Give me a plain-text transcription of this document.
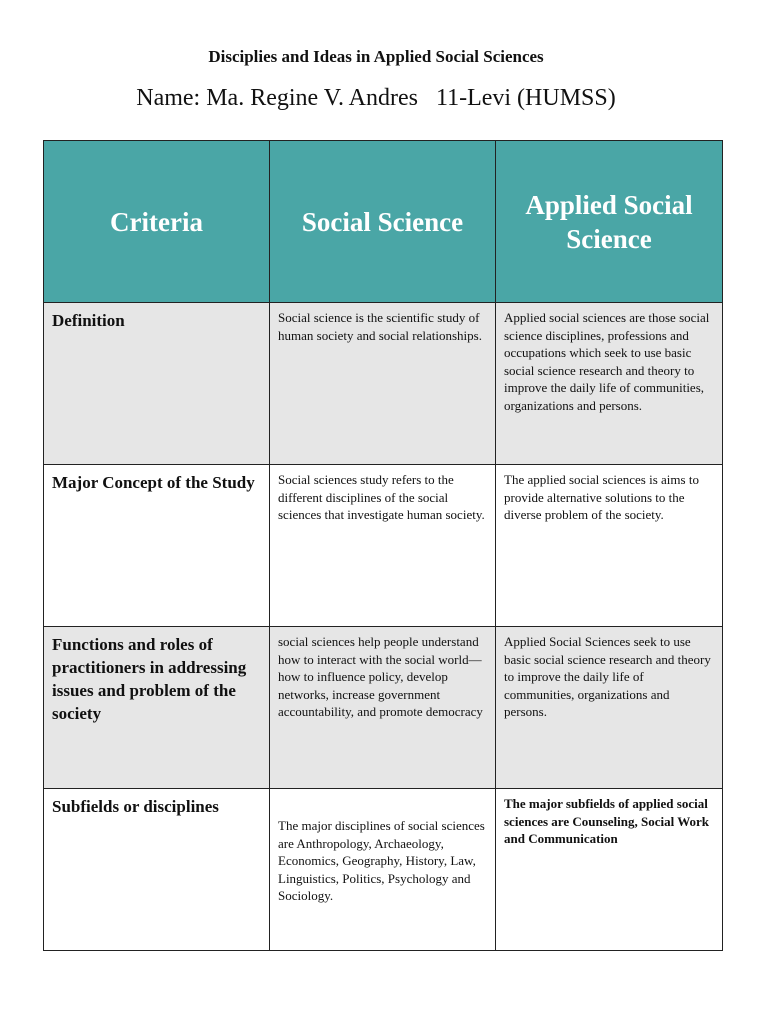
Disciplies and Ideas in Applied Social Sciences
Name: Ma. Regine V. Andres   11-Levi (HUMSS)
Criteria	Social Science	Applied Social Science

Definition	Social science is the scientific study of human society and social relationships.	Applied social sciences are those social science disciplines, professions and occupations which seek to use basic social science research and theory to improve the daily life of communities, organizations and persons.

Major Concept of the Study	Social sciences study refers to the different disciplines of the social sciences that investigate human society.	The applied social sciences is aims to provide alternative solutions to the diverse problem of the society.

Functions and roles of practitioners in addressing issues and problem of the society	social sciences help people understand how to interact with the social world—how to influence policy, develop networks, increase government accountability, and promote democracy	Applied Social Sciences seek to use basic social science research and theory to improve the daily life of communities, organizations and persons.

Subfields or disciplines	The major disciplines of social sciences are Anthropology, Archaeology, Economics, Geography, History, Law, Linguistics, Politics, Psychology and Sociology.	The major subfields of applied social sciences are Counseling, Social Work and Communication
